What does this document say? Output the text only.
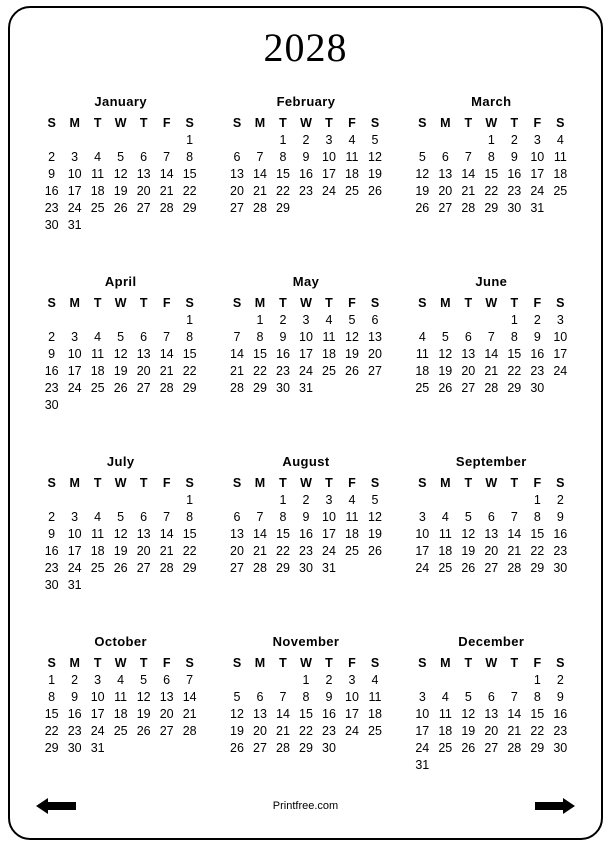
2028
January
S	M	T	W	T	F	S
						1
2	3	4	5	6	7	8
9	10	11	12	13	14	15
16	17	18	19	20	21	22
23	24	25	26	27	28	29
30	31					
February
S	M	T	W	T	F	S
		1	2	3	4	5
6	7	8	9	10	11	12
13	14	15	16	17	18	19
20	21	22	23	24	25	26
27	28	29				
March
S	M	T	W	T	F	S
			1	2	3	4
5	6	7	8	9	10	11
12	13	14	15	16	17	18
19	20	21	22	23	24	25
26	27	28	29	30	31	
April
S	M	T	W	T	F	S
						1
2	3	4	5	6	7	8
9	10	11	12	13	14	15
16	17	18	19	20	21	22
23	24	25	26	27	28	29
30						
May
S	M	T	W	T	F	S
	1	2	3	4	5	6
7	8	9	10	11	12	13
14	15	16	17	18	19	20
21	22	23	24	25	26	27
28	29	30	31			
June
S	M	T	W	T	F	S
				1	2	3
4	5	6	7	8	9	10
11	12	13	14	15	16	17
18	19	20	21	22	23	24
25	26	27	28	29	30	
July
S	M	T	W	T	F	S
						1
2	3	4	5	6	7	8
9	10	11	12	13	14	15
16	17	18	19	20	21	22
23	24	25	26	27	28	29
30	31					
August
S	M	T	W	T	F	S
		1	2	3	4	5
6	7	8	9	10	11	12
13	14	15	16	17	18	19
20	21	22	23	24	25	26
27	28	29	30	31		
September
S	M	T	W	T	F	S
					1	2
3	4	5	6	7	8	9
10	11	12	13	14	15	16
17	18	19	20	21	22	23
24	25	26	27	28	29	30
October
S	M	T	W	T	F	S
1	2	3	4	5	6	7
8	9	10	11	12	13	14
15	16	17	18	19	20	21
22	23	24	25	26	27	28
29	30	31				
November
S	M	T	W	T	F	S
			1	2	3	4
5	6	7	8	9	10	11
12	13	14	15	16	17	18
19	20	21	22	23	24	25
26	27	28	29	30		
December
S	M	T	W	T	F	S
					1	2
3	4	5	6	7	8	9
10	11	12	13	14	15	16
17	18	19	20	21	22	23
24	25	26	27	28	29	30
31						
Printfree.com
